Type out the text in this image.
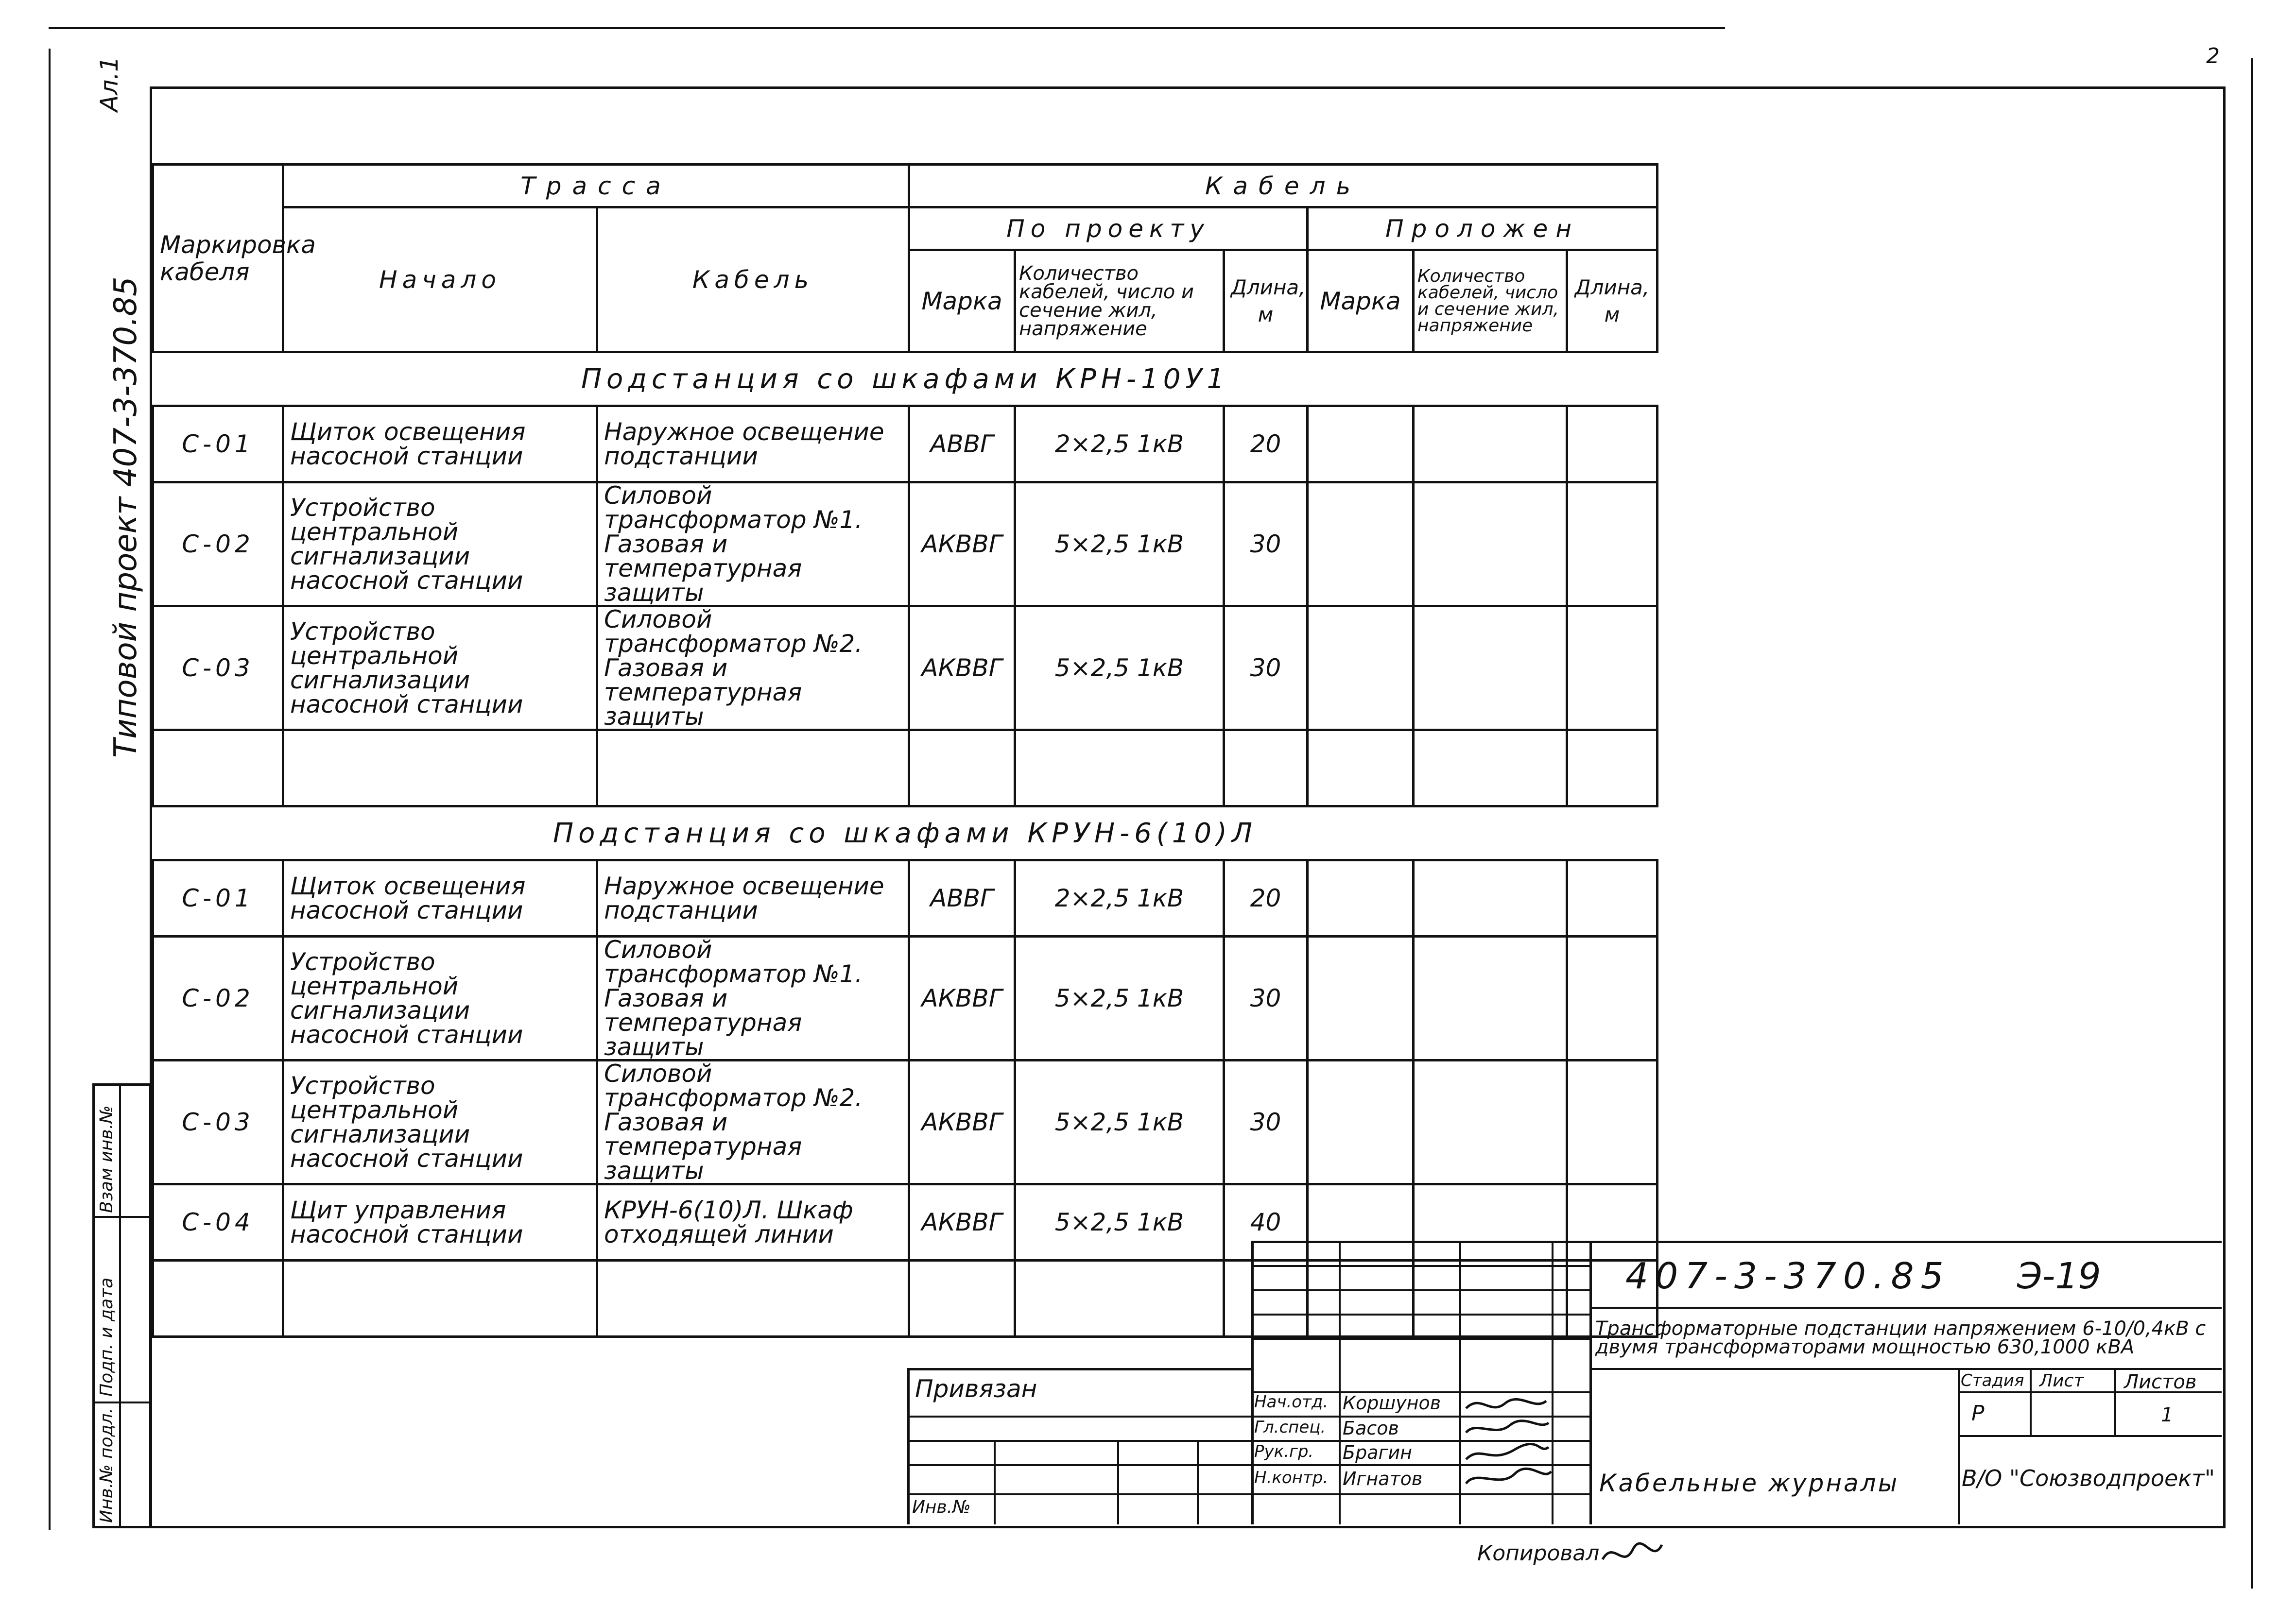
2
Ал.1
Типовой проект 407-3-370.85
Взам инв.№
Подп. и дата
Инв.№ подл.
Маркировка кабеля	Трасса		Кабель					
	Начало	Кабель	По проекту			Проложен		
			Марка	Количество кабелей, число и сечение жил, напряжение	Длина, м	Марка	Количество кабелей, число и сечение жил, напряжение	Длина, м
Подстанция со шкафами КРН-10У1								
С-01	Щиток освещения насосной станции	Наружное освещение подстанции	АВВГ	2×2,5 1кВ	20			
С-02	Устройство центральной сигнализации насосной станции	Силовой трансформатор №1. Газовая и температурная защиты	АКВВГ	5×2,5 1кВ	30			
С-03	Устройство центральной сигнализации насосной станции	Силовой трансформатор №2. Газовая и температурная защиты	АКВВГ	5×2,5 1кВ	30			

Подстанция со шкафами КРУН-6(10)Л								
С-01	Щиток освещения насосной станции	Наружное освещение подстанции	АВВГ	2×2,5 1кВ	20			
С-02	Устройство центральной сигнализации насосной станции	Силовой трансформатор №1. Газовая и температурная защиты	АКВВГ	5×2,5 1кВ	30			
С-03	Устройство центральной сигнализации насосной станции	Силовой трансформатор №2. Газовая и температурная защиты	АКВВГ	5×2,5 1кВ	30			
С-04	Щит управления насосной станции	КРУН-6(10)Л. Шкаф отходящей линии	АКВВГ	5×2,5 1кВ	40			

407-3-370.85 Э-19
Трансформаторные подстанции напряжением 6-10/0,4кВ с двумя трансформаторами мощностью 630,1000 кВА
Привязан
Инв.№
Нач.отд. Коршунов
Гл.спец. Басов
Рук.гр. Брагин
Н.контр. Игнатов
Стадия Лист Листов
Р	1
Кабельные журналы	В/О "Союзводпроект"
Копировал
